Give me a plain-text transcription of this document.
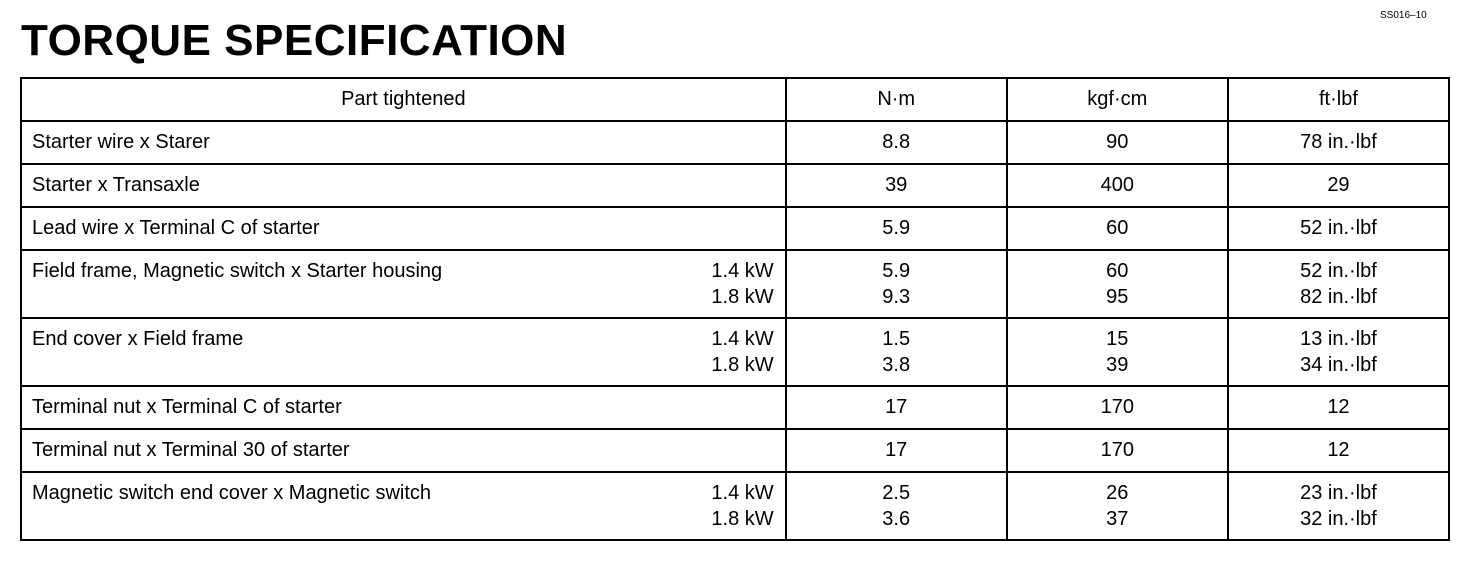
SS016–10
TORQUE SPECIFICATION
Part tightened	N·m	kgf·cm	ft·lbf

Starter wire x Starer	8.8	90	78 in.·lbf

Starter x Transaxle	39	400	29

Lead wire x Terminal C of starter	5.9	60	52 in.·lbf

Field frame, Magnetic switch x Starter housing 1.4 kW	5.9	60	52 in.·lbf

1.8 kW	9.3	95	82 in.·lbf

End cover x Field frame 1.4 kW	1.5	15	13 in.·lbf

1.8 kW	3.8	39	34 in.·lbf

Terminal nut x Terminal C of starter	17	170	12

Terminal nut x Terminal 30 of starter	17	170	12

Magnetic switch end cover x Magnetic switch 1.4 kW	2.5	26	23 in.·lbf

1.8 kW	3.6	37	32 in.·lbf
